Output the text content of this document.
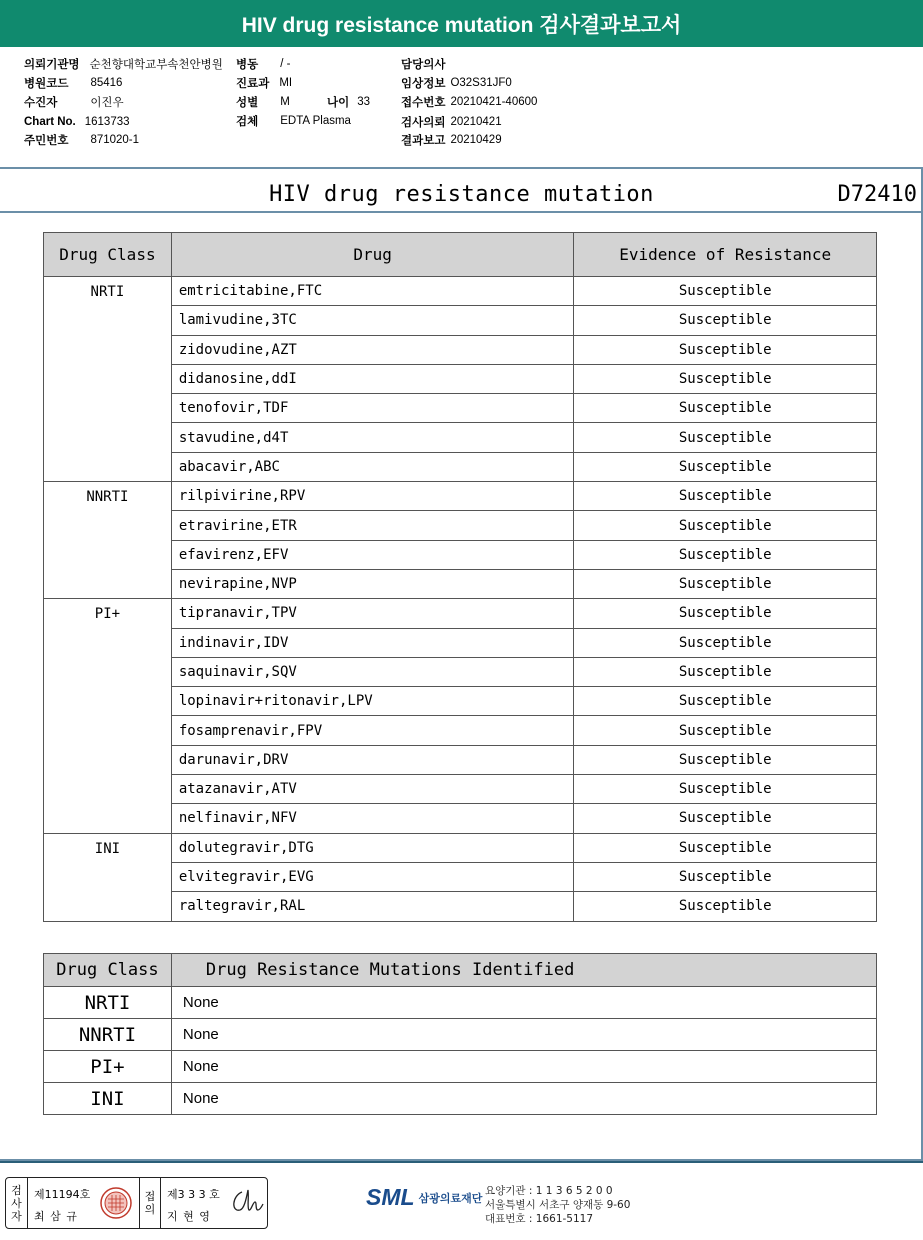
HIV drug resistance mutation 검사결과보고서
의뢰기관명 순천향대학교부속천안병원
병원코드 85416
수진자	이진우
Chart No. 1613733
주민번호 871020-1
병동 / -
진료과 MI
성별 M	나이 33
검체 EDTA Plasma
담당의사
임상정보 O32S31JF0
접수번호 20210421-40600
검사의뢰 20210421
결과보고 20210429
HIV drug resistance mutation	D72410
Drug Class	Drug	Evidence of Resistance
NRTI	emtricitabine,FTC	Susceptible
	lamivudine,3TC	Susceptible
	zidovudine,AZT	Susceptible
	didanosine,ddI	Susceptible
	tenofovir,TDF	Susceptible
	stavudine,d4T	Susceptible
	abacavir,ABC	Susceptible
NNRTI	rilpivirine,RPV	Susceptible
	etravirine,ETR	Susceptible
	efavirenz,EFV	Susceptible
	nevirapine,NVP	Susceptible
PI+	tipranavir,TPV	Susceptible
	indinavir,IDV	Susceptible
	saquinavir,SQV	Susceptible
	lopinavir+ritonavir,LPV	Susceptible
	fosamprenavir,FPV	Susceptible
	darunavir,DRV	Susceptible
	atazanavir,ATV	Susceptible
	nelfinavir,NFV	Susceptible
INI	dolutegravir,DTG	Susceptible
	elvitegravir,EVG	Susceptible
	raltegravir,RAL	Susceptible
Drug Class	Drug Resistance Mutations Identified
NRTI	None
NNRTI	None
PI+	None
INI	None
검
사
자
제11194호
최 삼 규
접
의
제3 3 3 호
지 현 영
SML 삼광의료재단
요양기관 : 1 1 3 6 5 2 0 0
서울특별시 서초구 양재동 9-60
대표번호 : 1661-5117
